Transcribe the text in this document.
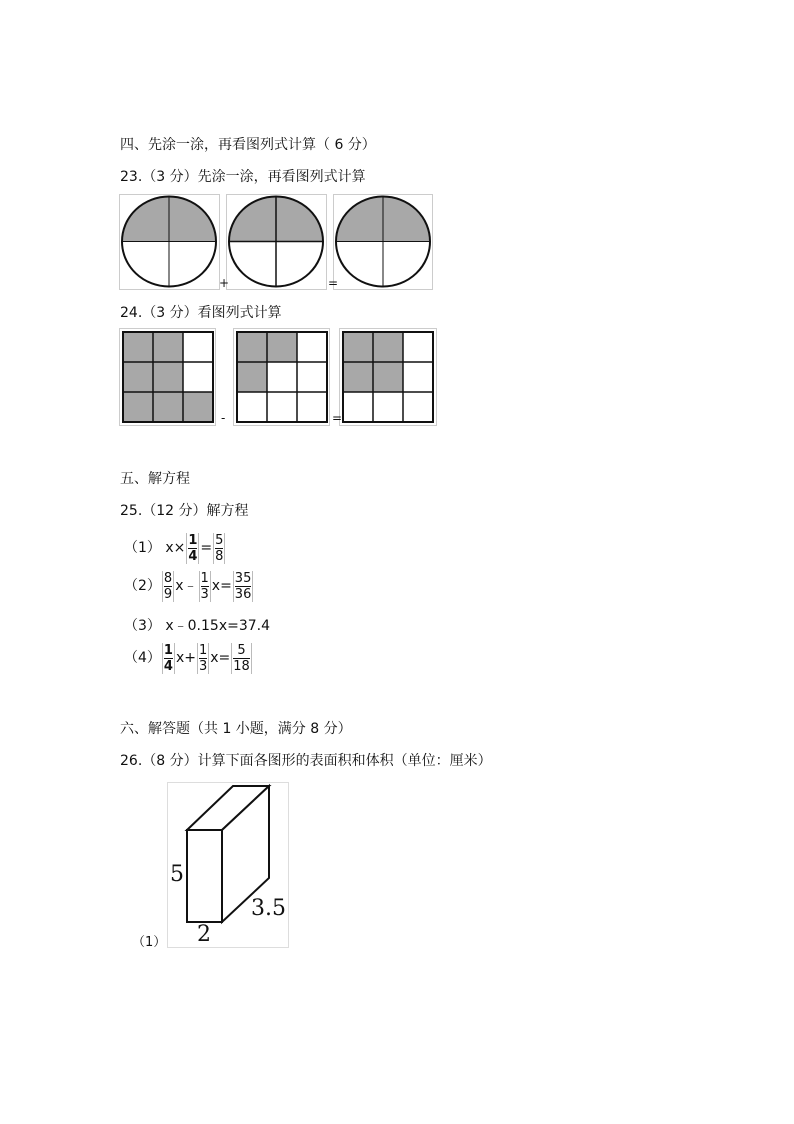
四、先涂一涂，再看图列式计算（ 6 分）
23.（3 分）先涂一涂，再看图列式计算
+	=
24.（3 分）看图列式计算
-	=
五、解方程
25.（12 分）解方程
（1） $x\times \frac{1}{4} = \frac{5}{8}$
$(2) \frac{8}{9}$ x﹣ $\frac{1}{3} x= \frac{35}{36}$
（3） x﹣0.15x=37.4
$(4) \frac{1}{4} x+ \frac{1}{3} x= \frac{5}{18}$
六、解答题（共 1 小题，满分 8 分）
26.（8 分）计算下面各图形的表面积和体积（单位：厘米）
5
2
3.5
（1）
